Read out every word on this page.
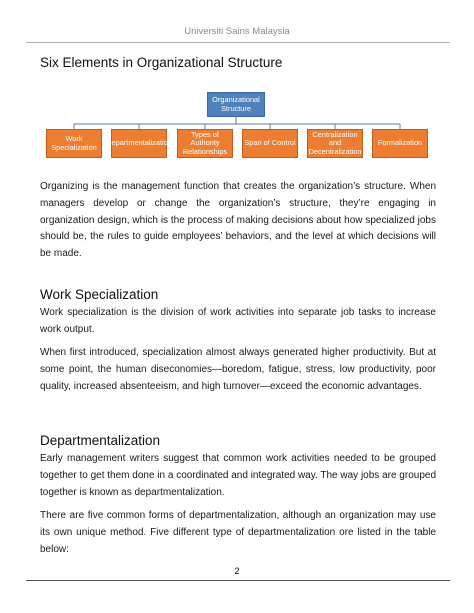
Universiti Sains Malaysia
Six Elements in Organizational Structure
Organizational Structure
Work Specialization	Departmentalization
Types of Authority Relationships
Span of Control
Centralization and Decentralization
Formalization

Organizing is the management function that creates the organization’s structure. When managers develop or change the organization’s structure, they’re engaging in organization design, which is the process of making decisions about how specialized jobs should be, the rules to guide employees’ behaviors, and the level at which decisions will be made.

Work Specialization

Work specialization is the division of work activities into separate job tasks to increase work output.

When first introduced, specialization almost always generated higher productivity. But at some point, the human diseconomies—boredom, fatigue, stress, low productivity, poor quality, increased absenteeism, and high turnover—exceed the economic advantages.

Departmentalization

Early management writers suggest that common work activities needed to be grouped together to get them done in a coordinated and integrated way. The way jobs are grouped together is known as departmentalization.

There are five common forms of departmentalization, although an organization may use its own unique method. Five different type of departmentalization ore listed in the table below:

2
